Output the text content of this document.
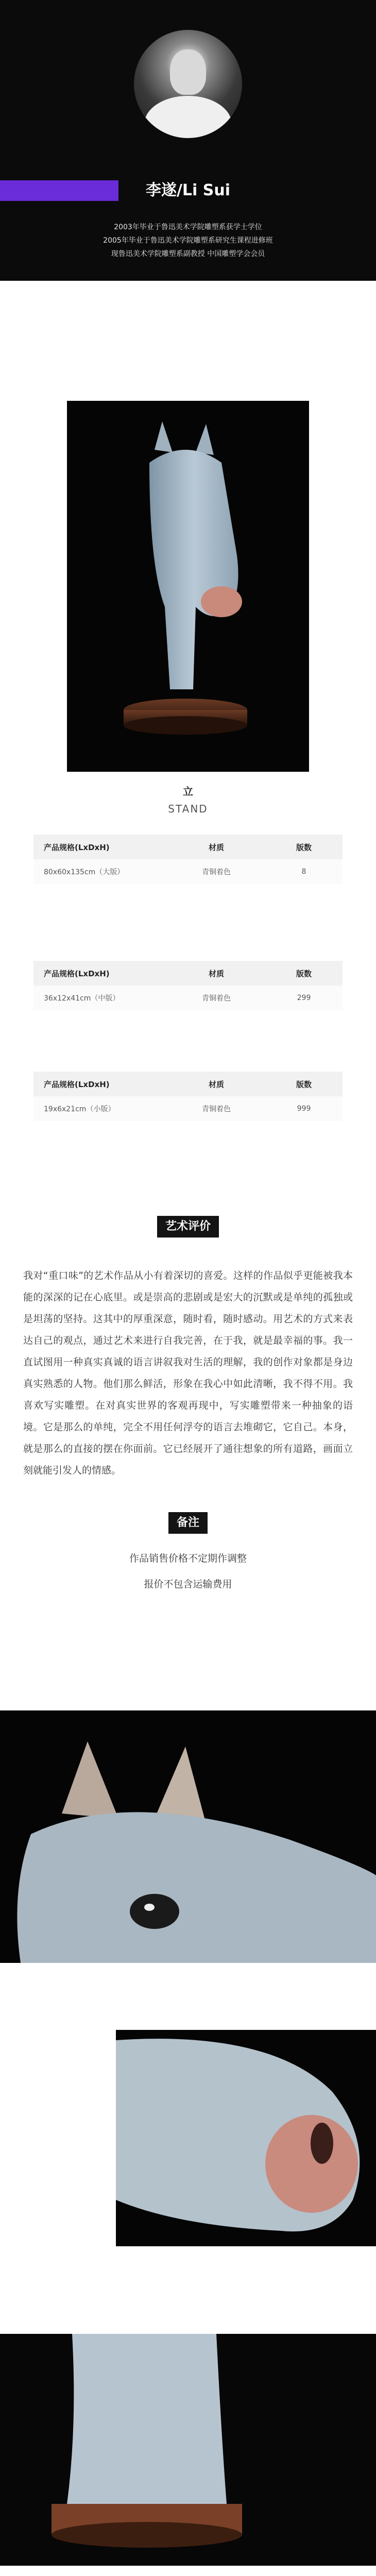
李遂/Li Sui
2003年毕业于鲁迅美术学院雕塑系获学士学位
2005年毕业于鲁迅美术学院雕塑系研究生课程进修班
现鲁迅美术学院雕塑系副教授 中国雕塑学会会员
立
STAND
产品规格(LxDxH)	材质	版数
80x60x135cm（大版）	青铜着色	8
产品规格(LxDxH)	材质	版数
36x12x41cm（中版）	青铜着色	299
产品规格(LxDxH)	材质	版数
19x6x21cm（小版）	青铜着色	999
艺术评价
我对“重口味”的艺术作品从小有着深切的喜爱。这样的作品似乎更能被我本能的深深的记在心底里。或是崇高的悲剧或是宏大的沉默或是单纯的孤独或是坦荡的坚持。这其中的厚重深意，随时看，随时感动。用艺术的方式来表达自己的观点，通过艺术来进行自我完善，在于我，就是最幸福的事。我一直试图用一种真实真诚的语言讲叙我对生活的理解，我的创作对象都是身边真实熟悉的人物。他们那么鲜活，形象在我心中如此清晰，我不得不用。我喜欢写实雕塑。在对真实世界的客观再现中，写实雕塑带来一种抽象的语境。它是那么的单纯，完全不用任何浮夸的语言去堆砌它，它自己。本身，就是那么的直接的摆在你面前。它已经展开了通往想象的所有道路，画面立刻就能引发人的情感。
备注
作品销售价格不定期作调整
报价不包含运输费用
